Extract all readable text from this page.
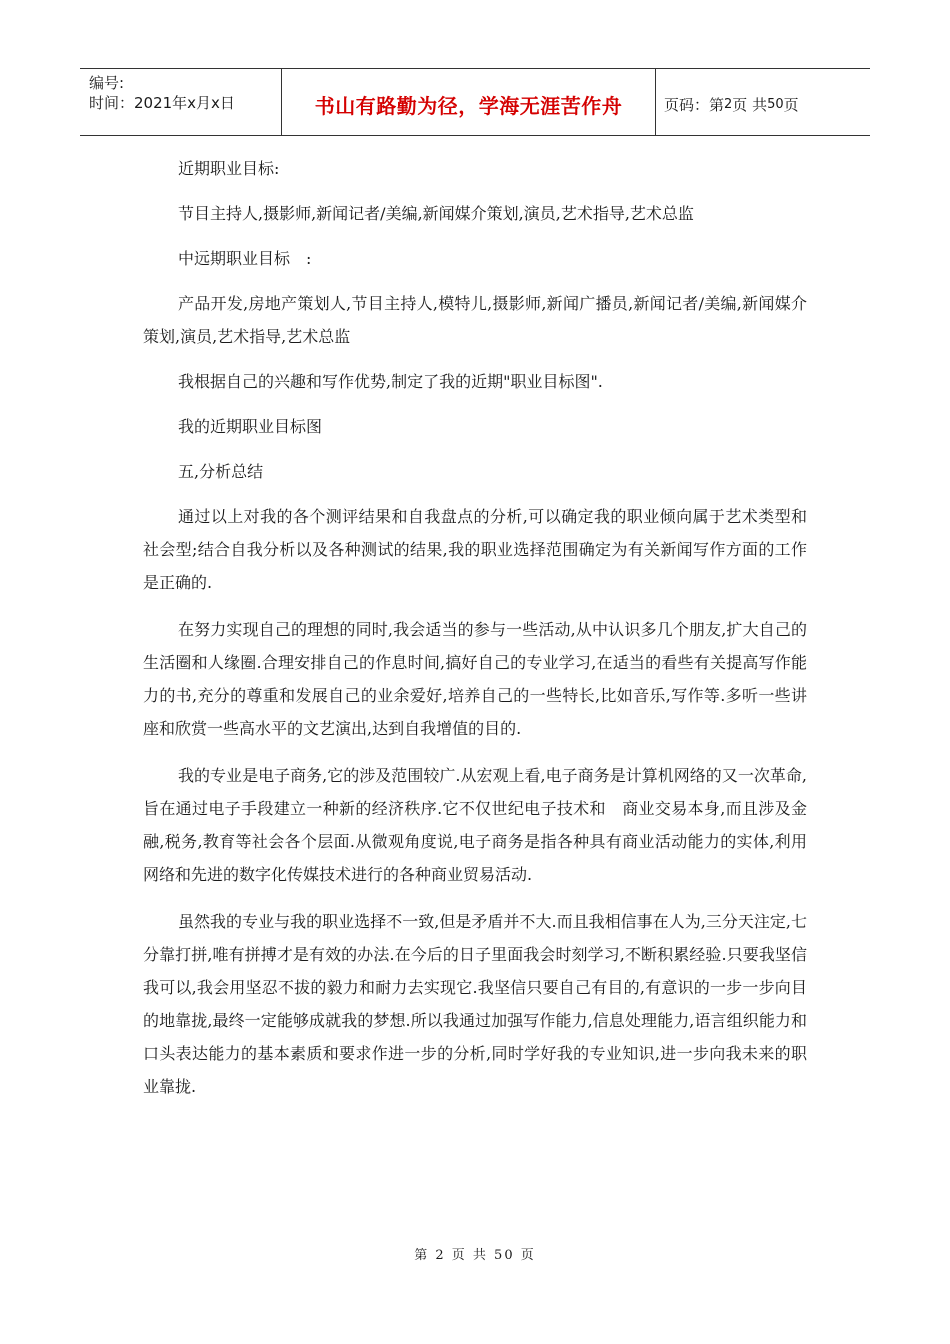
编号:
时间：2021年x月x日	书山有路勤为径，学海无涯苦作舟	页码：第 2 页 共 50 页

近期职业目标:

节目主持人,摄影师,新闻记者/美编,新闻媒介策划,演员,艺术指导,艺术总监

中远期职业目标　:

产品开发,房地产策划人,节目主持人,模特儿,摄影师,新闻广播员,新闻记者/美编,新闻媒介策划,演员,艺术指导,艺术总监

我根据自己的兴趣和写作优势,制定了我的近期"职业目标图".

我的近期职业目标图

五,分析总结

通过以上对我的各个测评结果和自我盘点的分析,可以确定我的职业倾向属于艺术类型和社会型;结合自我分析以及各种测试的结果,我的职业选择范围确定为有关新闻写作方面的工作是正确的.

在努力实现自己的理想的同时,我会适当的参与一些活动,从中认识多几个朋友,扩大自己的生活圈和人缘圈.合理安排自己的作息时间,搞好自己的专业学习,在适当的看些有关提高写作能力的书,充分的尊重和发展自己的业余爱好,培养自己的一些特长,比如音乐,写作等.多听一些讲座和欣赏一些高水平的文艺演出,达到自我增值的目的.

我的专业是电子商务,它的涉及范围较广.从宏观上看,电子商务是计算机网络的又一次革命,旨在通过电子手段建立一种新的经济秩序.它不仅世纪电子技术和　商业交易本身,而且涉及金融,税务,教育等社会各个层面.从微观角度说,电子商务是指各种具有商业活动能力的实体,利用网络和先进的数字化传媒技术进行的各种商业贸易活动.

虽然我的专业与我的职业选择不一致,但是矛盾并不大.而且我相信事在人为,三分天注定,七分靠打拼,唯有拼搏才是有效的办法.在今后的日子里面我会时刻学习,不断积累经验.只要我坚信我可以,我会用坚忍不拔的毅力和耐力去实现它.我坚信只要自己有目的,有意识的一步一步向目的地靠拢,最终一定能够成就我的梦想.所以我通过加强写作能力,信息处理能力,语言组织能力和口头表达能力的基本素质和要求作进一步的分析,同时学好我的专业知识,进一步向我未来的职业靠拢.

第 2 页 共 50 页
